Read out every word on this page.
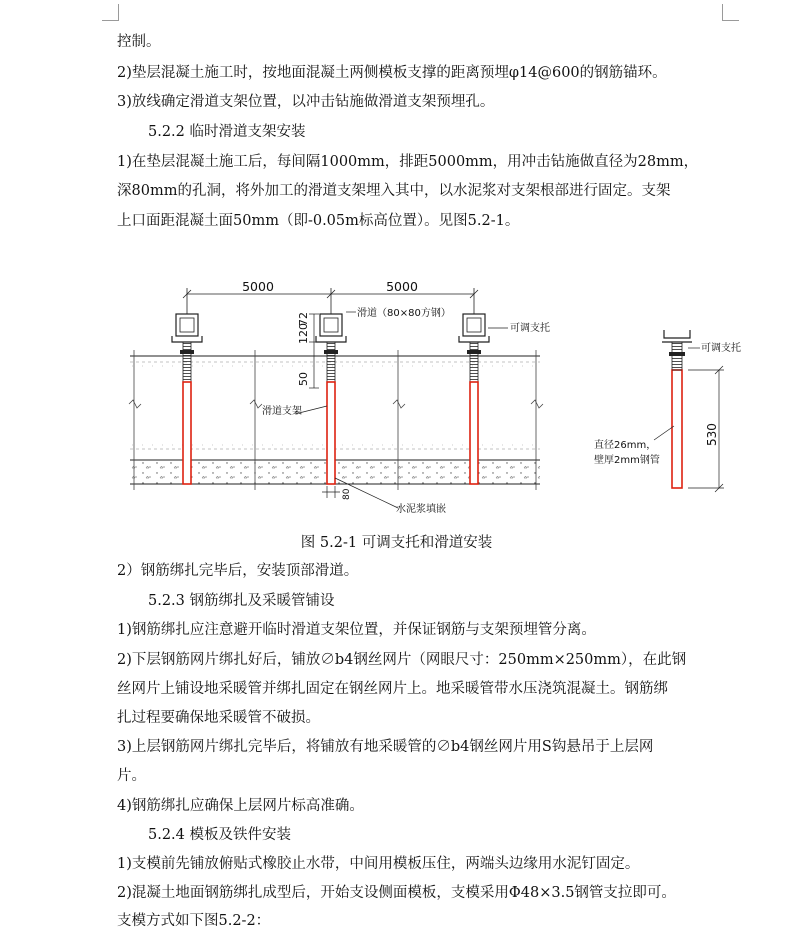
控制。
2)垫层混凝土施工时，按地面混凝土两侧模板支撑的距离预埋φ14@600的钢筋锚环。
3)放线确定滑道支架位置，以冲击钻施做滑道支架预埋孔。
5.2.2 临时滑道支架安装
1)在垫层混凝土施工后，每间隔1000mm，排距5000mm，用冲击钻施做直径为28mm，
深80mm的孔洞，将外加工的滑道支架埋入其中，以水泥浆对支架根部进行固定。支架
上口面距混凝土面50mm（即-0.05m标高位置）。见图5.2-1。
5000	5000
120
72
50
滑道（80×80方钢）
可调支托
滑道支架
水泥浆填嵌
80
可调支托
530
直径26mm，
壁厚2mm钢管
图 5.2-1 可调支托和滑道安装
2）钢筋绑扎完毕后，安装顶部滑道。
5.2.3 钢筋绑扎及采暖管铺设
1)钢筋绑扎应注意避开临时滑道支架位置，并保证钢筋与支架预埋管分离。
2)下层钢筋网片绑扎好后，铺放∅b4钢丝网片（网眼尺寸：250mm×250mm），在此钢
丝网片上铺设地采暖管并绑扎固定在钢丝网片上。地采暖管带水压浇筑混凝土。钢筋绑
扎过程要确保地采暖管不破损。
3)上层钢筋网片绑扎完毕后，将铺放有地采暖管的∅b4钢丝网片用S钩悬吊于上层网
片。
4)钢筋绑扎应确保上层网片标高准确。
5.2.4 模板及铁件安装
1)支模前先铺放俯贴式橡胶止水带，中间用模板压住，两端头边缘用水泥钉固定。
2)混凝土地面钢筋绑扎成型后，开始支设侧面模板，支模采用Φ48×3.5钢管支拉即可。
支模方式如下图5.2-2：
